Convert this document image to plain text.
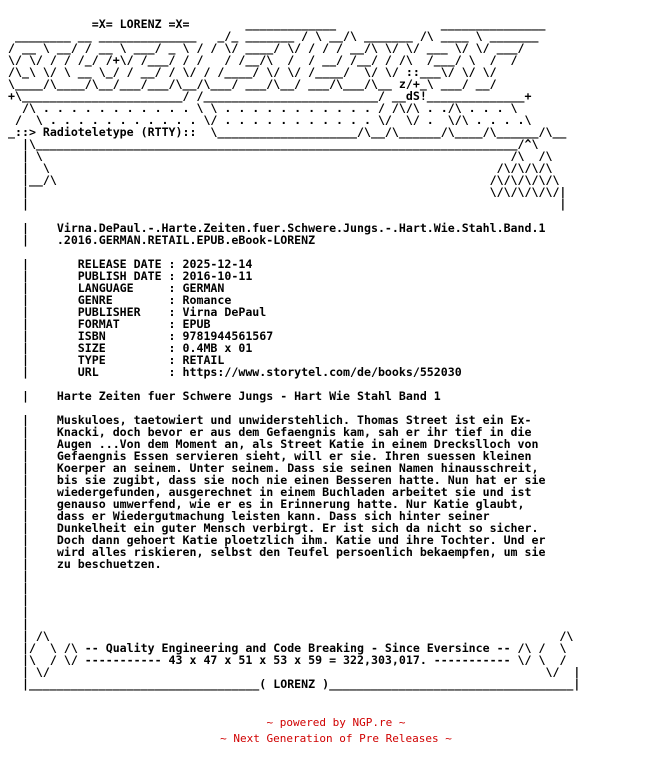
=X= LORENZ =X=        _____________               _______________
________ __ ______________   _/_ _______ / \ __/\ _______ /\ ____ \ _______
/ __ \ __/ / __ \ ___/ _ \ / / \/ ____/ \/ / / / __/\ \/ \/ ___ \/ \/ ___/
\/ \/ / / /_/ /+\/ /___/ / /   / /__/\  /  / __/ /__/ / /\  /___/ \  /  /
/\_\ \/ \ __ \_/ / __/ / \/ / /____/ \/ \/ /____/  \/ \/ ::___\/ \/ \/
\____/\____/\__/___/___/\__/\___/ ___/\__/ ___/\___/\__ z/+_\ ___/ __/
+\_______________________/ /_________________________/ __dS!______________+
/\ . . . . . . . . . . . \ \ . . . . . . . . . . . / /\/\ . ./\ . . . \
/  \ . . . . . . . . . . . \/ . . . . . . . . . . . \/  \/ .  \/\ . . . .\
_::> Radioteletype (RTTY)::  \____________________/\__/\______/\____/\______/\__
|\_____________________________________________________________________/^\
| \                                                                   /\  /\
|  \                                                                /\/\/\/\
|__/\                                                              /\/\/\/\/\
|                                                                  \/\/\/\/\/|
|                                                                            |

|    Virna.DePaul.-.Harte.Zeiten.fuer.Schwere.Jungs.-.Hart.Wie.Stahl.Band.1
|    .2016.GERMAN.RETAIL.EPUB.eBook-LORENZ

|       RELEASE DATE : 2025-12-14
|       PUBLISH DATE : 2016-10-11
|       LANGUAGE     : GERMAN
|       GENRE        : Romance
|       PUBLISHER    : Virna DePaul
|       FORMAT       : EPUB
|       ISBN         : 9781944561567
|       SIZE         : 0.4MB x 01
|       TYPE         : RETAIL
|       URL          : https://www.storytel.com/de/books/552030

|    Harte Zeiten fuer Schwere Jungs - Hart Wie Stahl Band 1

|    Muskuloes, taetowiert und unwiderstehlich. Thomas Street ist ein Ex-
|    Knacki, doch bevor er aus dem Gefaengnis kam, sah er ihr tief in die
|    Augen ...Von dem Moment an, als Street Katie in einem Dreckslloch von
|    Gefaengnis Essen servieren sieht, will er sie. Ihren suessen kleinen
|    Koerper an seinem. Unter seinem. Dass sie seinen Namen hinausschreit,
|    bis sie zugibt, dass sie noch nie einen Besseren hatte. Nun hat er sie
|    wiedergefunden, ausgerechnet in einem Buchladen arbeitet sie und ist
|    genauso umwerfend, wie er es in Erinnerung hatte. Nur Katie glaubt,
|    dass er Wiedergutmachung leisten kann. Dass sich hinter seiner
|    Dunkelheit ein guter Mensch verbirgt. Er ist sich da nicht so sicher.
|    Doch dann gehoert Katie ploetzlich ihm. Katie und ihre Tochter. Und er
|    wird alles riskieren, selbst den Teufel persoenlich bekaempfen, um sie
|    zu beschuetzen.
|
|
|
|
|
| /\                                                                         /\
|/  \ /\ -- Quality Engineering and Code Breaking - Since Eversince -- /\ /  \
|\  / \/ ----------- 43 x 47 x 51 x 53 x 59 = 322,303,017. ----------- \/ \  /
| \/                                                                       \/  |
|_________________________________( LORENZ )___________________________________|
~ powered by NGP.re ~
~ Next Generation of Pre Releases ~
